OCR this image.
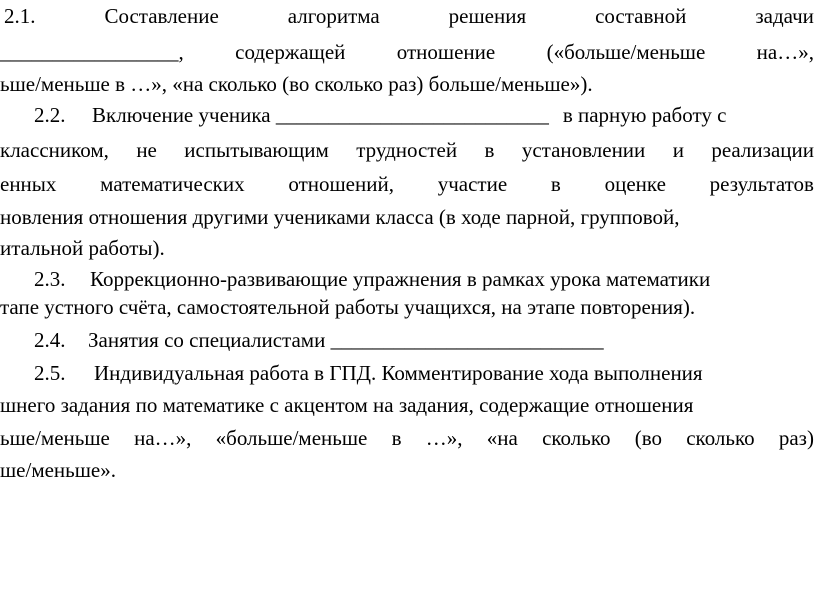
2.1.	Составление	алгоритма	решения	составной	задачи
_________________, содержащей отношение («больше/меньше на…»,
ьше/меньше в …», «на сколько (во сколько раз) больше/меньше»).
2.2. Включение ученика __________________________ в парную работу с
классником, не испытывающим трудностей в установлении и реализации
енных математических отношений, участие в оценке результатов
новления отношения другими учениками класса (в ходе парной, групповой,
итальной работы).
2.3. Коррекционно-развивающие упражнения в рамках урока математики
тапе устного счёта, самостоятельной работы учащихся, на этапе повторения).
2.4. Занятия со специалистами __________________________
2.5. Индивидуальная работа в ГПД. Комментирование хода выполнения
шнего задания по математике с акцентом на задания, содержащие отношения
ьше/меньше на…», «больше/меньше в …», «на сколько (во сколько раз)
ше/меньше».
